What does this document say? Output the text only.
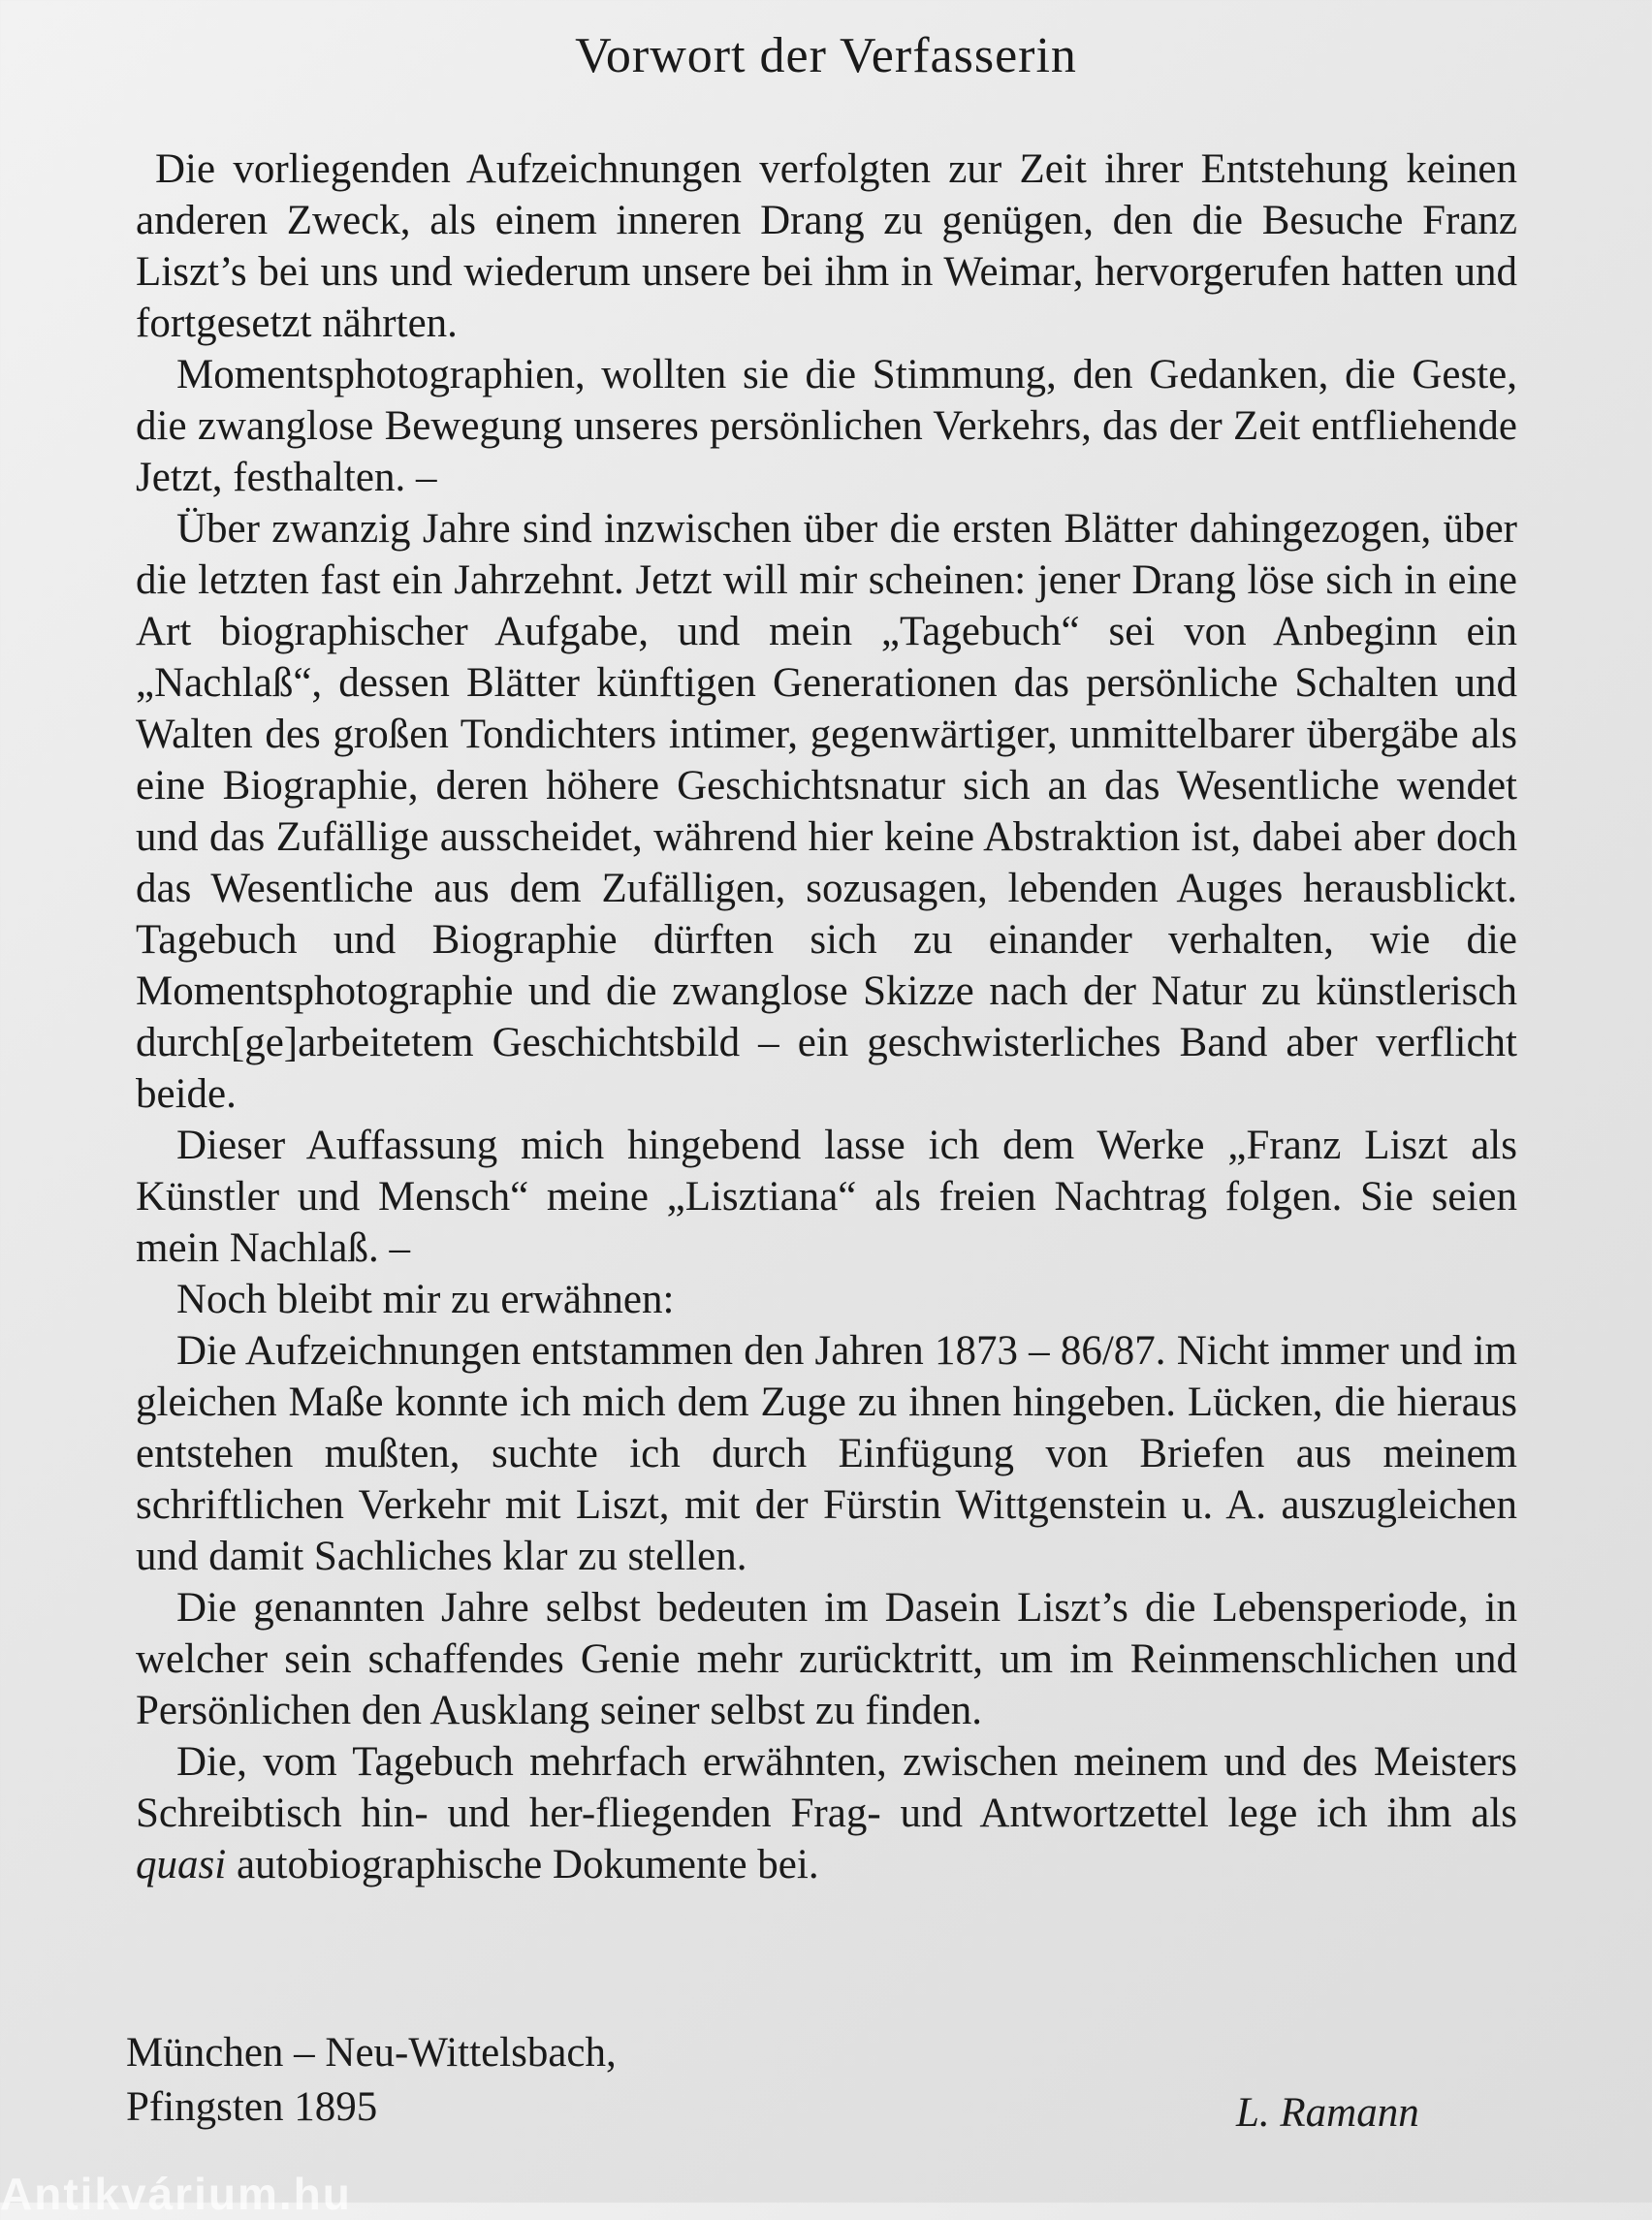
Vorwort der Verfasserin

Die vorliegenden Aufzeichnungen verfolgten zur Zeit ihrer Entstehung keinen anderen Zweck, als einem inneren Drang zu genügen, den die Besuche Franz Liszt’s bei uns und wiederum unsere bei ihm in Weimar, hervorgerufen hatten und fortgesetzt nährten.

Momentsphotographien, wollten sie die Stimmung, den Gedanken, die Geste, die zwanglose Bewegung unseres persönlichen Verkehrs, das der Zeit entfliehende Jetzt, festhalten. –

Über zwanzig Jahre sind inzwischen über die ersten Blätter dahingezogen, über die letzten fast ein Jahrzehnt. Jetzt will mir scheinen: jener Drang löse sich in eine Art biographischer Aufgabe, und mein „Tagebuch“ sei von Anbeginn ein „Nachlaß“, dessen Blätter künftigen Generationen das persönliche Schalten und Walten des großen Tondichters intimer, gegenwärtiger, unmittelbarer übergäbe als eine Biographie, deren höhere Geschichtsnatur sich an das Wesentliche wendet und das Zufällige ausscheidet, während hier keine Abstraktion ist, dabei aber doch das Wesentliche aus dem Zufälligen, sozusagen, lebenden Auges herausblickt. Tagebuch und Biographie dürften sich zu einander verhalten, wie die Momentsphotographie und die zwanglose Skizze nach der Natur zu künstlerisch durch[ge]arbeitetem Geschichtsbild – ein geschwisterliches Band aber verflicht beide.

Dieser Auffassung mich hingebend lasse ich dem Werke „Franz Liszt als Künstler und Mensch“ meine „Lisztiana“ als freien Nachtrag folgen. Sie seien mein Nachlaß. –

Noch bleibt mir zu erwähnen:

Die Aufzeichnungen entstammen den Jahren 1873 – 86/87. Nicht immer und im gleichen Maße konnte ich mich dem Zuge zu ihnen hingeben. Lücken, die hieraus entstehen mußten, suchte ich durch Einfügung von Briefen aus meinem schriftlichen Verkehr mit Liszt, mit der Fürstin Wittgenstein u. A. auszugleichen und damit Sachliches klar zu stellen.

Die genannten Jahre selbst bedeuten im Dasein Liszt’s die Lebensperiode, in welcher sein schaffendes Genie mehr zurücktritt, um im Reinmenschlichen und Persönlichen den Ausklang seiner selbst zu finden.

Die, vom Tagebuch mehrfach erwähnten, zwischen meinem und des Meisters Schreibtisch hin- und her-fliegenden Frag- und Antwortzettel lege ich ihm als quasi autobiographische Dokumente bei.

München – Neu-Wittelsbach,
Pfingsten 1895	L. Ramann
Antikvárium.hu
